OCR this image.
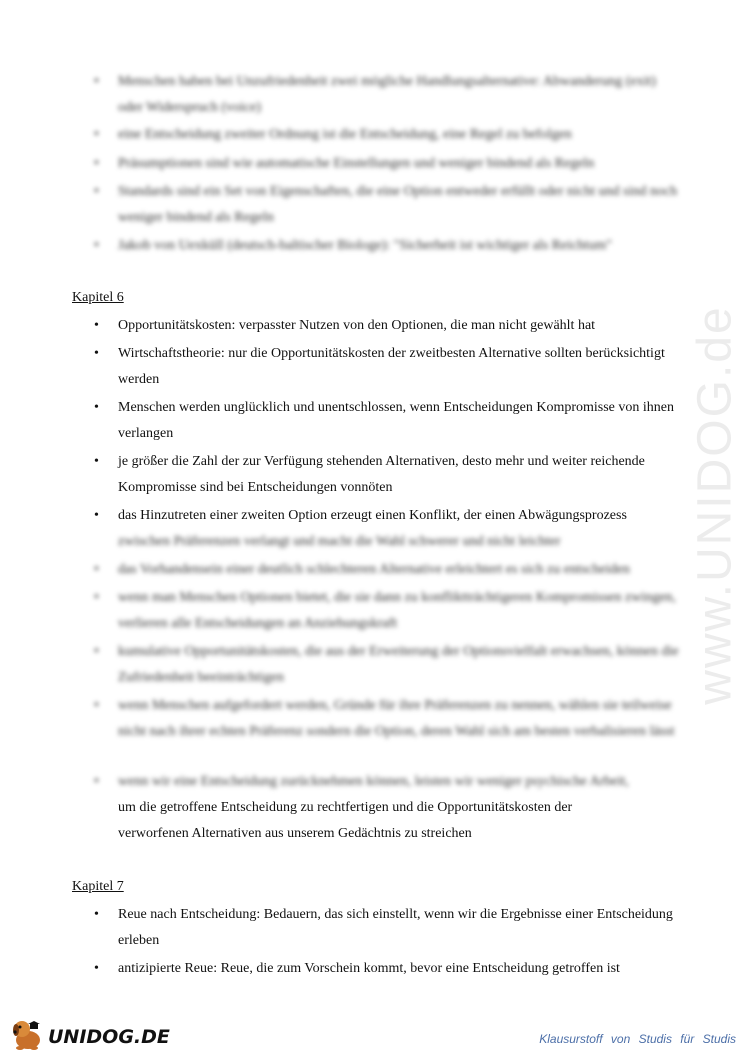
www.UNIDOG.de
• Menschen haben bei Unzufriedenheit zwei mögliche Handlungsalternative: Abwanderung (exit) oder Widerspruch (voice)
• eine Entscheidung zweiter Ordnung ist die Entscheidung, eine Regel zu befolgen
• Präsumptionen sind wie automatische Einstellungen und weniger bindend als Regeln
• Standards sind ein Set von Eigenschaften, die eine Option entweder erfüllt oder nicht und sind noch weniger bindend als Regeln
• Jakob von Uexküll (deutsch-baltischer Biologe): "Sicherheit ist wichtiger als Reichtum"
Kapitel 6
• Opportunitätskosten: verpasster Nutzen von den Optionen, die man nicht gewählt hat
• Wirtschaftstheorie: nur die Opportunitätskosten der zweitbesten Alternative sollten berücksichtigt werden
• Menschen werden unglücklich und unentschlossen, wenn Entscheidungen Kompromisse von ihnen verlangen
• je größer die Zahl der zur Verfügung stehenden Alternativen, desto mehr und weiter reichende Kompromisse sind bei Entscheidungen vonnöten
• das Hinzutreten einer zweiten Option erzeugt einen Konflikt, der einen Abwägungsprozess
zwischen Präferenzen verlangt und macht die Wahl schwerer und nicht leichter
• das Vorhandensein einer deutlich schlechteren Alternative erleichtert es sich zu entscheiden
• wenn man Menschen Optionen bietet, die sie dann zu konfliktträchtigeren Kompromissen zwingen, verlieren alle Entscheidungen an Anziehungskraft
• kumulative Opportunitätskosten, die aus der Erweiterung der Optionsvielfalt erwachsen, können die Zufriedenheit beeinträchtigen
• wenn Menschen aufgefordert werden, Gründe für ihre Präferenzen zu nennen, wählen sie teilweise nicht nach ihrer echten Präferenz sondern die Option, deren Wahl sich am besten verbalisieren lässt
• wenn wir eine Entscheidung zurücknehmen können, leisten wir weniger psychische Arbeit,
um die getroffene Entscheidung zu rechtfertigen und die Opportunitätskosten der
verworfenen Alternativen aus unserem Gedächtnis zu streichen
Kapitel 7
• Reue nach Entscheidung: Bedauern, das sich einstellt, wenn wir die Ergebnisse einer Entscheidung erleben
• antizipierte Reue: Reue, die zum Vorschein kommt, bevor eine Entscheidung getroffen ist
UNIDOG.DE	Klausurstoff von Studis für Studis
